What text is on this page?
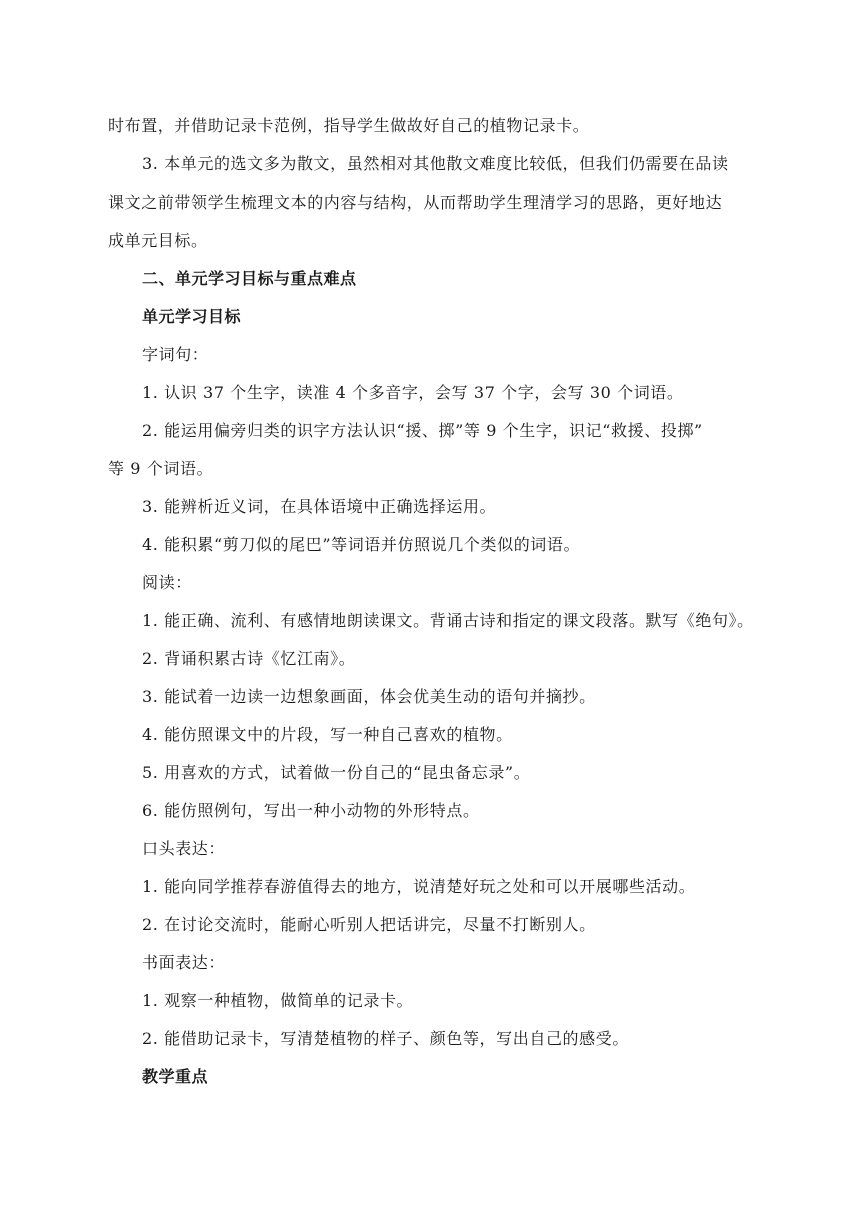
时布置，并借助记录卡范例，指导学生做故好自己的植物记录卡。
3. 本单元的选文多为散文，虽然相对其他散文难度比较低，但我们仍需要在品读
课文之前带领学生梳理文本的内容与结构，从而帮助学生理清学习的思路，更好地达
成单元目标。
二、单元学习目标与重点难点
单元学习目标
字词句：
1. 认识 37 个生字，读准 4 个多音字，会写 37 个字，会写 30 个词语。
2. 能运用偏旁归类的识字方法认识“援、掷”等 9 个生字，识记“救援、投掷”
等 9 个词语。
3. 能辨析近义词，在具体语境中正确选择运用。
4. 能积累“剪刀似的尾巴”等词语并仿照说几个类似的词语。
阅读：
1. 能正确、流利、有感情地朗读课文。背诵古诗和指定的课文段落。默写《绝句》。
2. 背诵积累古诗《忆江南》。
3. 能试着一边读一边想象画面，体会优美生动的语句并摘抄。
4. 能仿照课文中的片段，写一种自己喜欢的植物。
5. 用喜欢的方式，试着做一份自己的“昆虫备忘录”。
6. 能仿照例句，写出一种小动物的外形特点。
口头表达：
1. 能向同学推荐春游值得去的地方，说清楚好玩之处和可以开展哪些活动。
2. 在讨论交流时，能耐心听别人把话讲完，尽量不打断别人。
书面表达：
1. 观察一种植物，做简单的记录卡。
2. 能借助记录卡，写清楚植物的样子、颜色等，写出自己的感受。
教学重点
